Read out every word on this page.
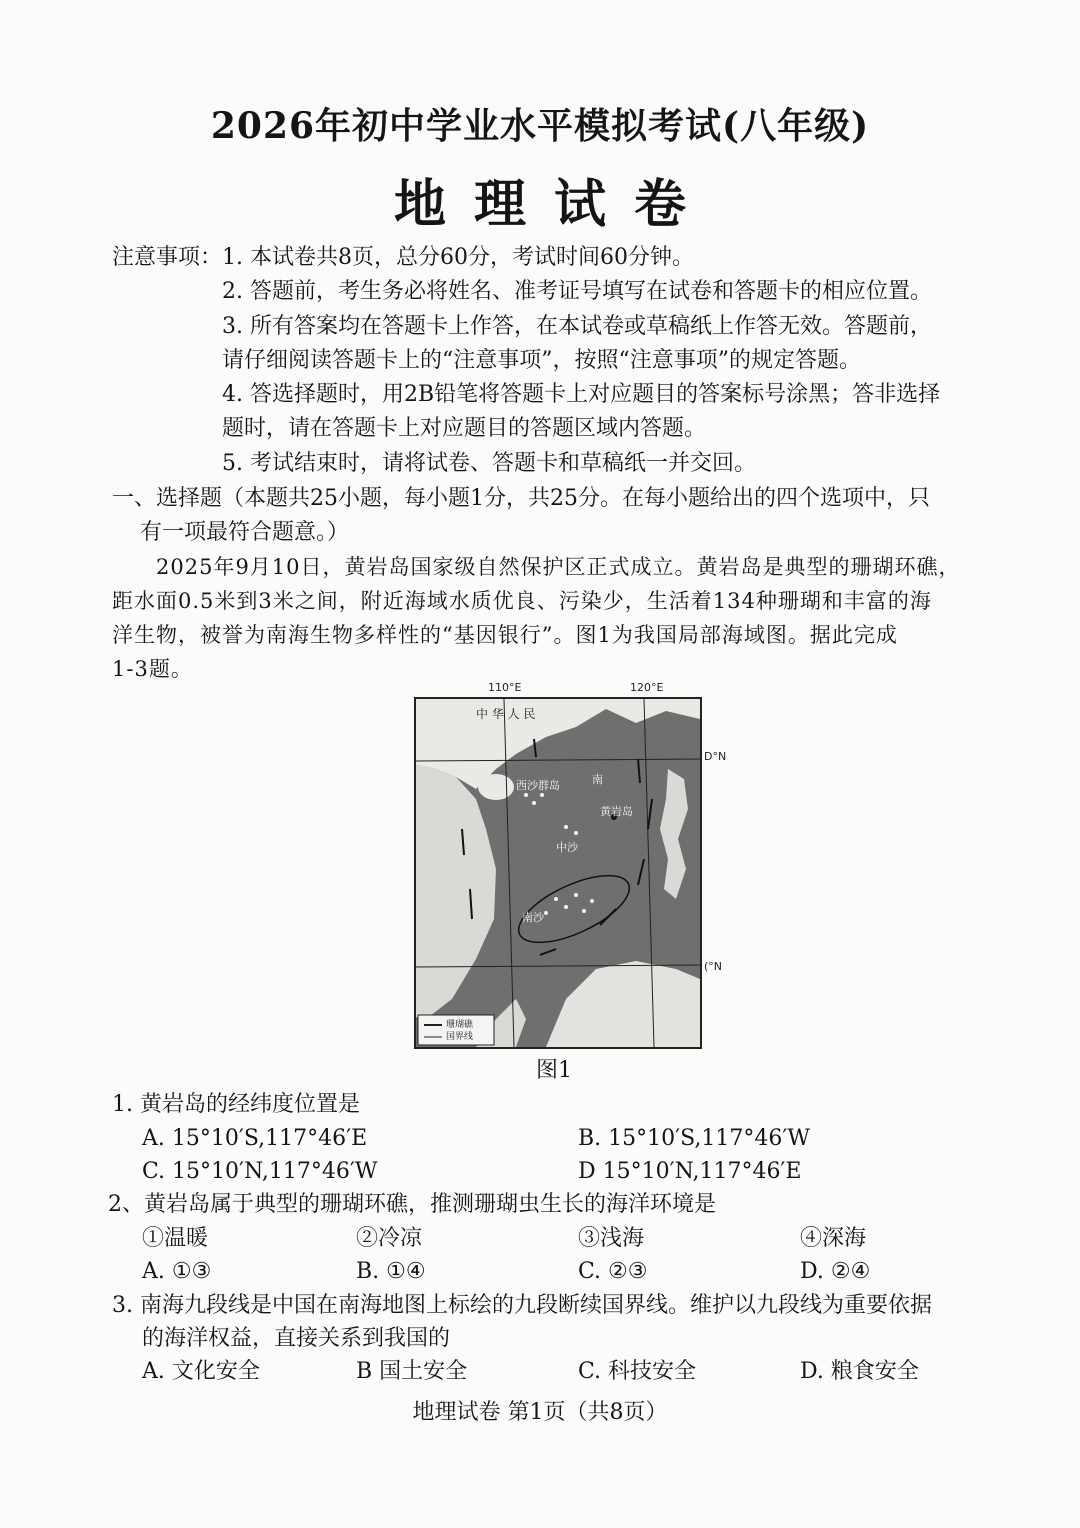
2026年初中学业水平模拟考试(八年级)
地理试卷
注意事项：1. 本试卷共8页，总分60分，考试时间60分钟。
2. 答题前，考生务必将姓名、准考证号填写在试卷和答题卡的相应位置。
3. 所有答案均在答题卡上作答，在本试卷或草稿纸上作答无效。答题前，
请仔细阅读答题卡上的“注意事项”，按照“注意事项”的规定答题。
4. 答选择题时，用2B铅笔将答题卡上对应题目的答案标号涂黑；答非选择
题时，请在答题卡上对应题目的答题区域内答题。
5. 考试结束时，请将试卷、答题卡和草稿纸一并交回。
一、选择题（本题共25小题，每小题1分，共25分。在每小题给出的四个选项中，只
有一项最符合题意。）
2025年9月10日，黄岩岛国家级自然保护区正式成立。黄岩岛是典型的珊瑚环礁，
距水面0.5米到3米之间，附近海域水质优良、污染少，生活着134种珊瑚和丰富的海
洋生物，被誉为南海生物多样性的“基因银行”。图1为我国局部海域图。据此完成
1-3题。
110°E	120°E
D°N
(°N
中 华 人 民
黄岩岛
西沙群岛	南
中沙
南沙
珊瑚礁
国界线
图1
1. 黄岩岛的经纬度位置是
A. 15°10′S,117°46′E	B. 15°10′S,117°46′W
C. 15°10′N,117°46′W	D 15°10′N,117°46′E
2、黄岩岛属于典型的珊瑚环礁，推测珊瑚虫生长的海洋环境是
①温暖	②冷凉	③浅海	④深海
A. ①③	B. ①④	C. ②③	D. ②④
3. 南海九段线是中国在南海地图上标绘的九段断续国界线。维护以九段线为重要依据
的海洋权益，直接关系到我国的
A. 文化安全	B 国土安全	C. 科技安全	D. 粮食安全
地理试卷 第1页（共8页）
